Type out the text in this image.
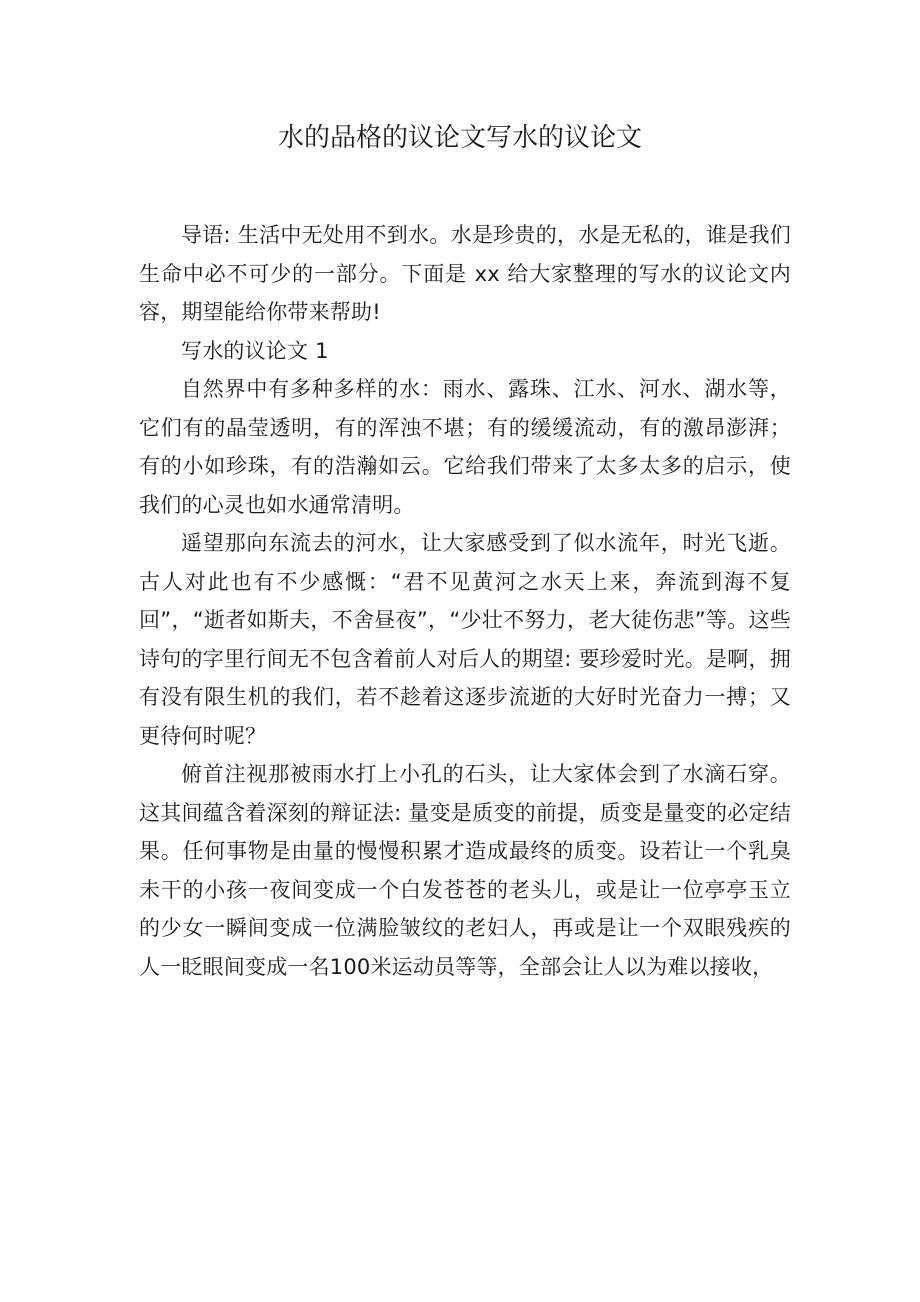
水的品格的议论文写水的议论文

导语: 生活中无处用不到水。水是珍贵的，水是无私的，谁是我们生命中必不可少的一部分。下面是 xx 给大家整理的写水的议论文内容，期望能给你带来帮助!

写水的议论文 1

自然界中有多种多样的水：雨水、露珠、江水、河水、湖水等，它们有的晶莹透明，有的浑浊不堪；有的缓缓流动，有的激昂澎湃；有的小如珍珠，有的浩瀚如云。它给我们带来了太多太多的启示，使我们的心灵也如水通常清明。

遥望那向东流去的河水，让大家感受到了似水流年，时光飞逝。古人对此也有不少感慨：“君不见黄河之水天上来，奔流到海不复回”，“逝者如斯夫，不舍昼夜”，“少壮不努力，老大徒伤悲”等。这些诗句的字里行间无不包含着前人对后人的期望: 要珍爱时光。是啊，拥有没有限生机的我们，若不趁着这逐步流逝的大好时光奋力一搏；又更待何时呢？

俯首注视那被雨水打上小孔的石头，让大家体会到了水滴石穿。这其间蕴含着深刻的辩证法: 量变是质变的前提，质变是量变的必定结果。任何事物是由量的慢慢积累才造成最终的质变。设若让一个乳臭未干的小孩一夜间变成一个白发苍苍的老头儿，或是让一位亭亭玉立的少女一瞬间变成一位满脸皱纹的老妇人，再或是让一个双眼残疾的人一眨眼间变成一名100米运动员等等，全部会让人以为难以接收，
